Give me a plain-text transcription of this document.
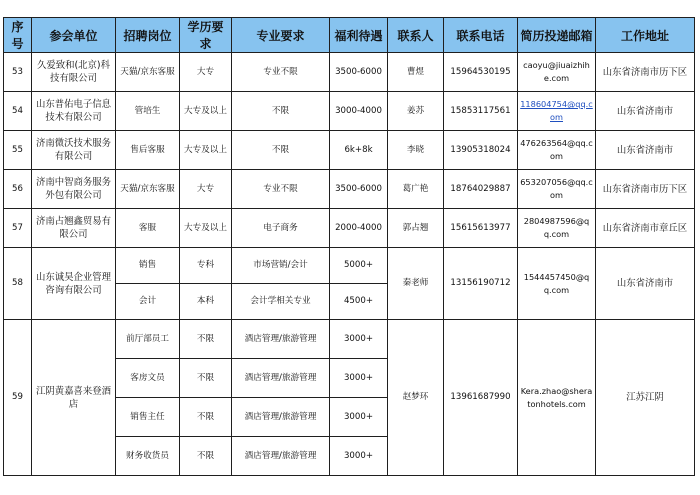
序号	参会单位	招聘岗位	学历要求	专业要求	福利待遇	联系人	联系电话	简历投递邮箱	工作地址
53	久爱致和(北京)科技有限公司	天猫/京东客服	大专	专业不限	3500-6000	曹煜	15964530195	caoyu@jiuaizhihe.com	山东省济南市历下区
54	山东普佑电子信息技术有限公司	管培生	大专及以上	不限	3000-4000	姜苏	15853117561	118604754@qq.com	山东省济南市
55	济南微沃技术服务有限公司	售后客服	大专及以上	不限	6k+8k	李晓	13905318024	476263564@qq.com	山东省济南市
56	济南中智商务服务外包有限公司	天猫/京东客服	大专	专业不限	3500-6000	葛广艳	18764029887	653207056@qq.com	山东省济南市历下区
57	济南占翘鑫贸易有限公司	客服	大专及以上	电子商务	2000-4000	郭占翘	15615613977	2804987596@qq.com	山东省济南市章丘区
58	山东诚昊企业管理咨询有限公司	销售	专科	市场营销/会计	5000+	秦老师	13156190712	1544457450@qq.com	山东省济南市
		会计	本科	会计学相关专业	4500+				
59	江阴黄嘉喜来登酒店	前厅部员工	不限	酒店管理/旅游管理	3000+	赵梦环	13961687990	Kera.zhao@sheratonhotels.com	江苏江阴
		客房文员	不限	酒店管理/旅游管理	3000+				
		销售主任	不限	酒店管理/旅游管理	3000+				
		财务收货员	不限	酒店管理/旅游管理	3000+				
